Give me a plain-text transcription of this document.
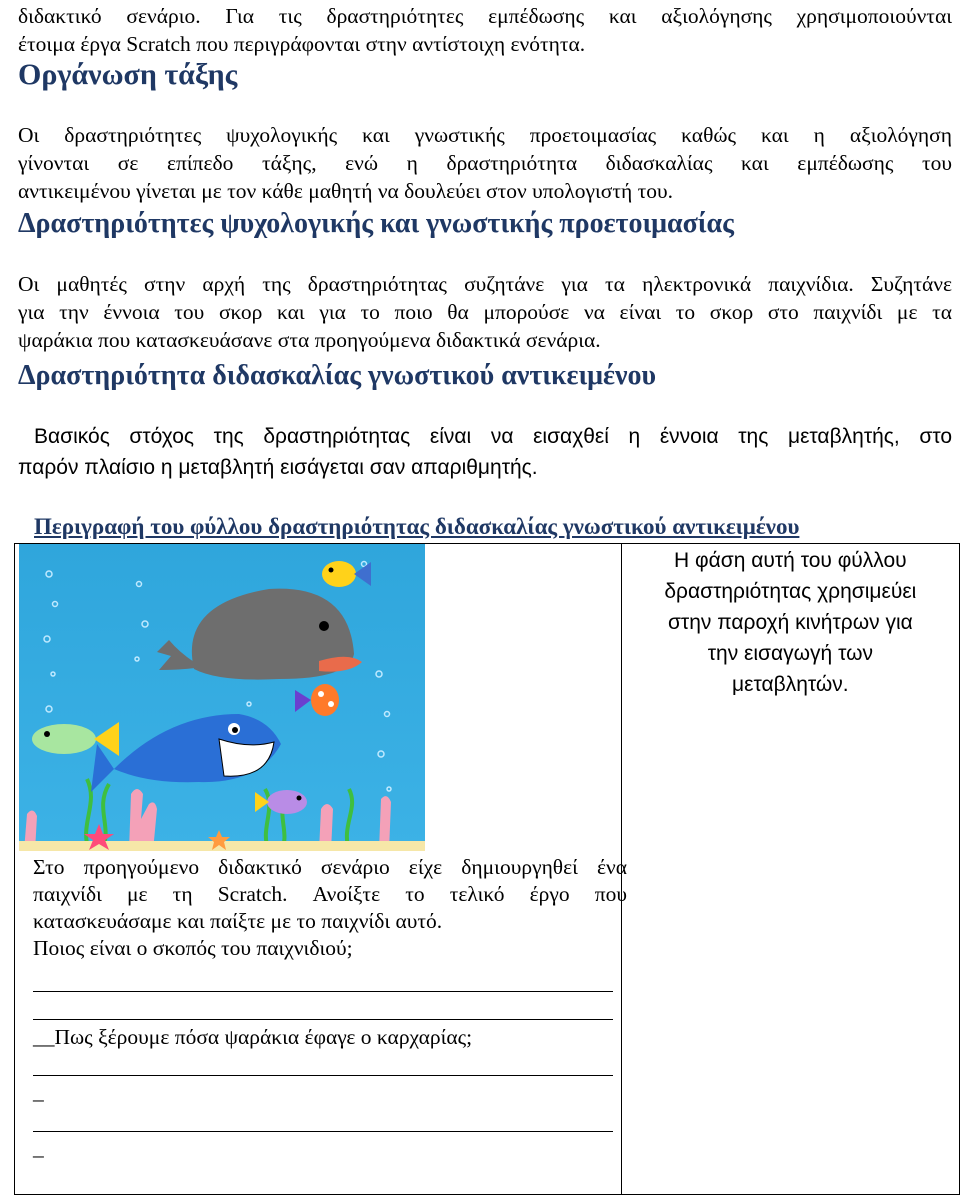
διδακτικό σενάριο. Για τις δραστηριότητες εμπέδωσης και αξιολόγησης χρησιμοποιούνται
έτοιμα έργα Scratch που περιγράφονται στην αντίστοιχη ενότητα.
Οργάνωση τάξης
Οι δραστηριότητες ψυχολογικής και γνωστικής προετοιμασίας καθώς και η αξιολόγηση
γίνονται σε επίπεδο τάξης, ενώ η δραστηριότητα διδασκαλίας και εμπέδωσης του
αντικειμένου γίνεται με τον κάθε μαθητή να δουλεύει στον υπολογιστή του.
Δραστηριότητες ψυχολογικής και γνωστικής προετοιμασίας
Οι μαθητές στην αρχή της δραστηριότητας συζητάνε για τα ηλεκτρονικά παιχνίδια. Συζητάνε
για την έννοια του σκορ και για το ποιο θα μπορούσε να είναι το σκορ στο παιχνίδι με τα
ψαράκια που κατασκευάσανε στα προηγούμενα διδακτικά σενάρια.
Δραστηριότητα διδασκαλίας γνωστικού αντικειμένου
Βασικός στόχος της δραστηριότητας είναι να εισαχθεί η έννοια της μεταβλητής, στο
παρόν πλαίσιο η μεταβλητή εισάγεται σαν απαριθμητής.
Περιγραφή του φύλλου δραστηριότητας διδασκαλίας γνωστικού αντικειμένου
Στο προηγούμενο διδακτικό σενάριο είχε δημιουργηθεί ένα
παιχνίδι με τη Scratch. Ανοίξτε το τελικό έργο που
κατασκευάσαμε και παίξτε με το παιχνίδι αυτό.
Ποιος είναι ο σκοπός του παιχνιδιού;
__Πως ξέρουμε πόσα ψαράκια έφαγε ο καρχαρίας;
_
_

Η φάση αυτή του φύλλου
δραστηριότητας χρησιμεύει
στην παροχή κινήτρων για
την εισαγωγή των
μεταβλητών.
